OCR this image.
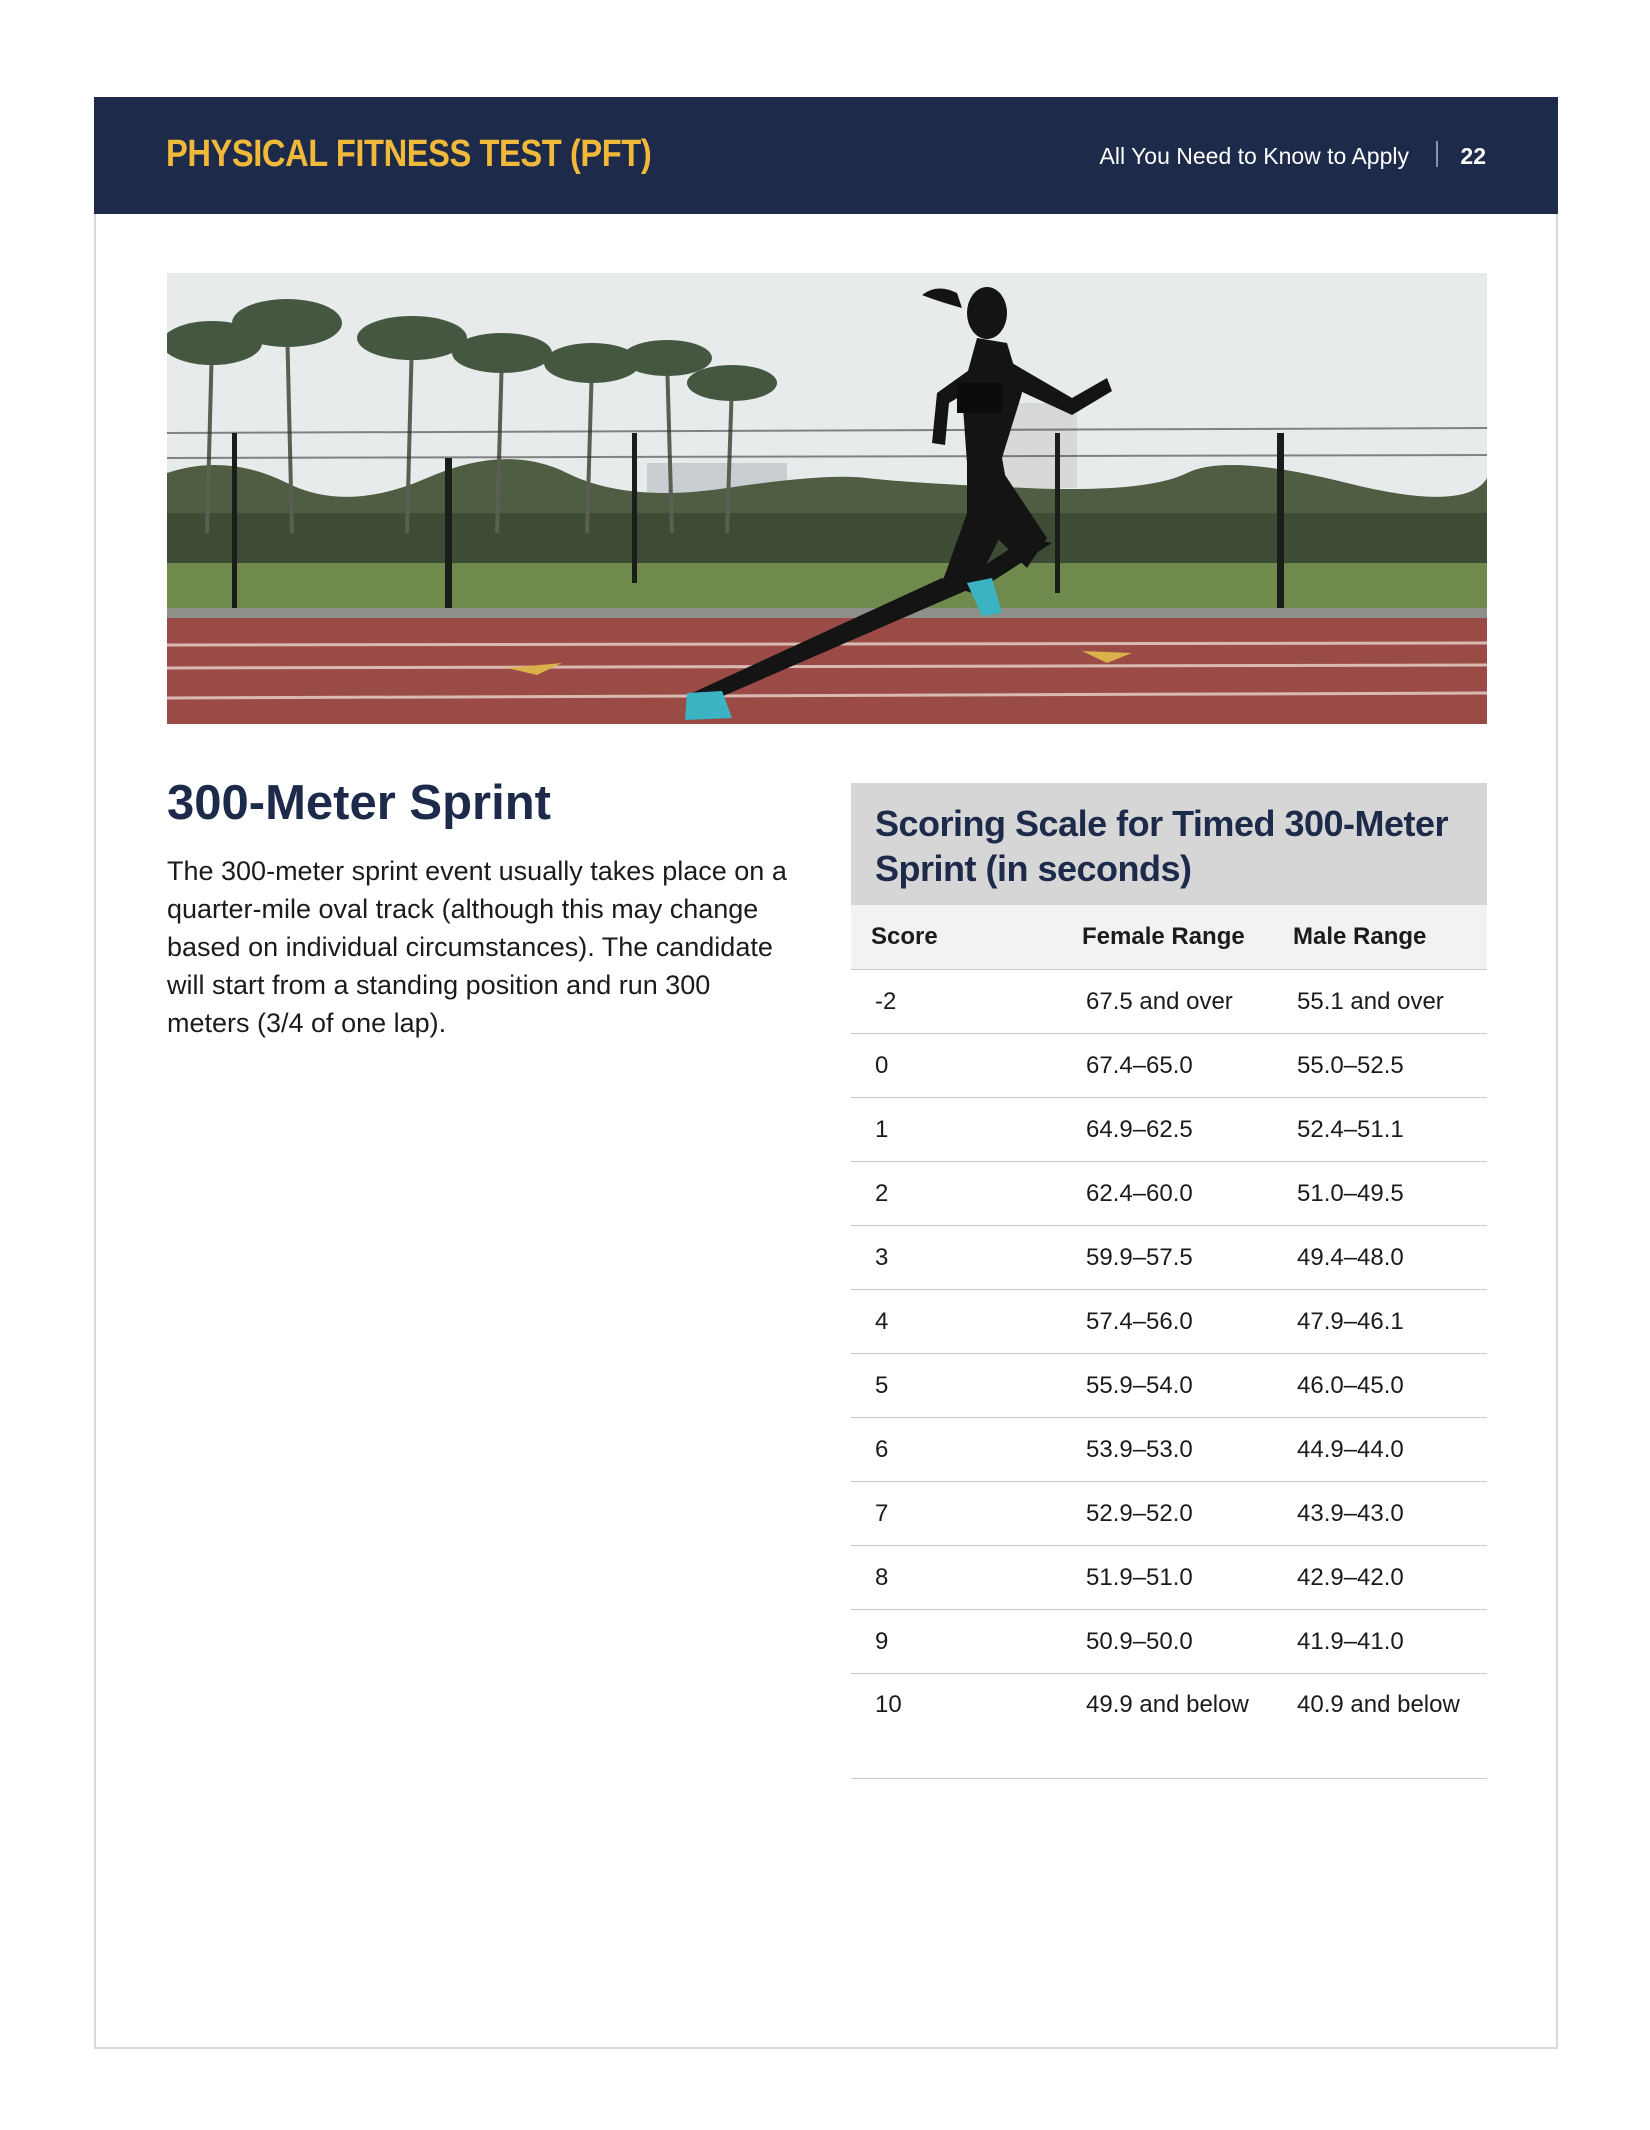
PHYSICAL FITNESS TEST (PFT)	All You Need to Know to Apply 22
300-Meter Sprint
The 300-meter sprint event usually takes place on a quarter-mile oval track (although this may change based on individual circumstances). The candidate will start from a standing position and run 300 meters (3/4 of one lap).
Scoring Scale for Timed 300-Meter Sprint (in seconds)
Score	Female Range	Male Range
-2	67.5 and over	55.1 and over
0	67.4–65.0	55.0–52.5
1	64.9–62.5	52.4–51.1
2	62.4–60.0	51.0–49.5
3	59.9–57.5	49.4–48.0
4	57.4–56.0	47.9–46.1
5	55.9–54.0	46.0–45.0
6	53.9–53.0	44.9–44.0
7	52.9–52.0	43.9–43.0
8	51.9–51.0	42.9–42.0
9	50.9–50.0	41.9–41.0
10	49.9 and below	40.9 and below
